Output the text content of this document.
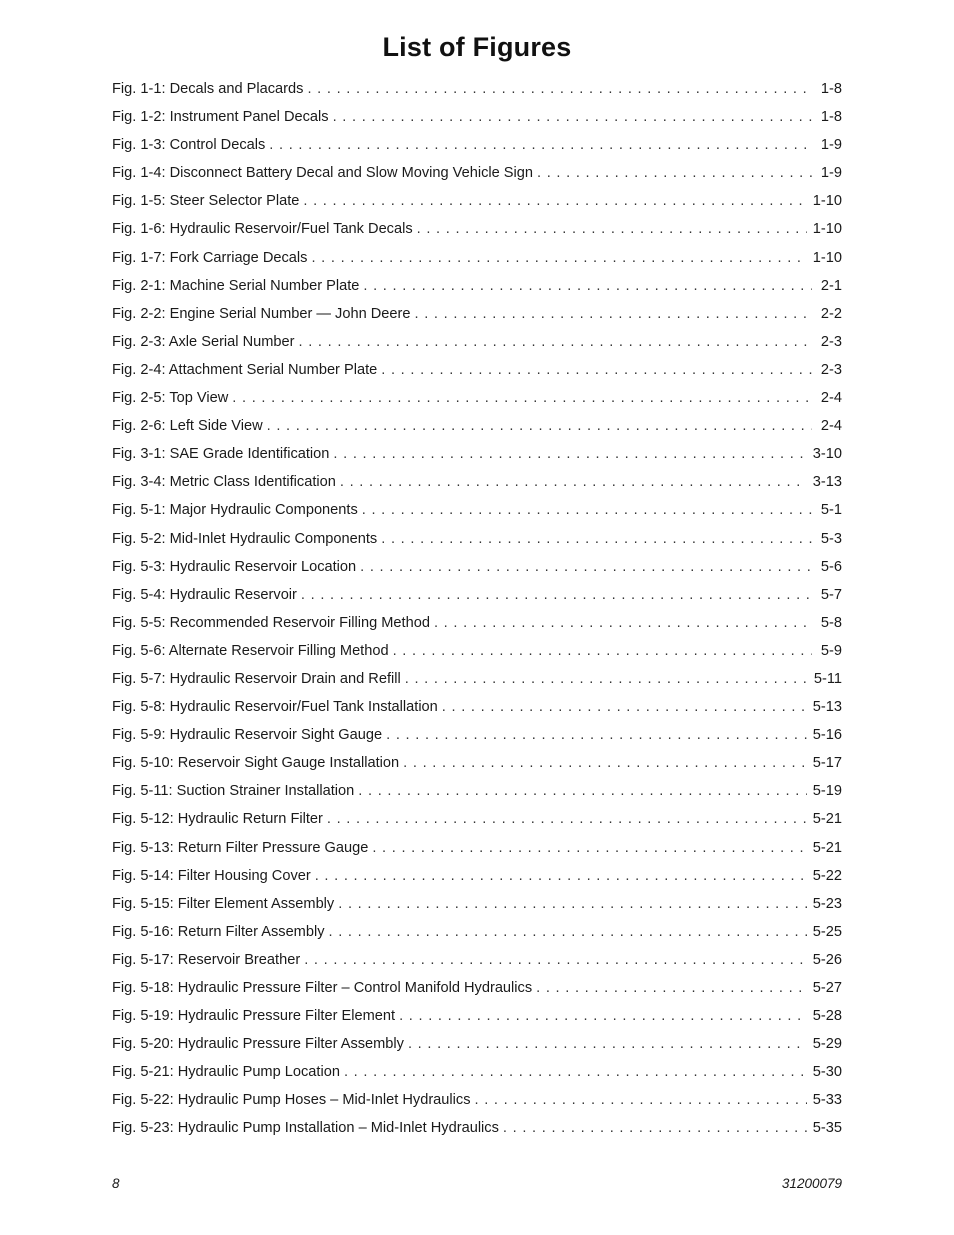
List of Figures
Fig. 1-1: Decals and Placards . . .	1-8
Fig. 1-2: Instrument Panel Decals . . .	1-8
Fig. 1-3: Control Decals . . .	1-9
Fig. 1-4: Disconnect Battery Decal and Slow Moving Vehicle Sign . . .	1-9
Fig. 1-5: Steer Selector Plate . . .	1-10
Fig. 1-6: Hydraulic Reservoir/Fuel Tank Decals . . .	1-10
Fig. 1-7: Fork Carriage Decals . . .	1-10
Fig. 2-1: Machine Serial Number Plate . . .	2-1
Fig. 2-2: Engine Serial Number — John Deere . . .	2-2
Fig. 2-3: Axle Serial Number . . .	2-3
Fig. 2-4: Attachment Serial Number Plate . . .	2-3
Fig. 2-5: Top View . . .	2-4
Fig. 2-6: Left Side View . . .	2-4
Fig. 3-1: SAE Grade Identification . . .	3-10
Fig. 3-4: Metric Class Identification . . .	3-13
Fig. 5-1: Major Hydraulic Components . . .	5-1
Fig. 5-2: Mid-Inlet Hydraulic Components . . .	5-3
Fig. 5-3: Hydraulic Reservoir Location . . .	5-6
Fig. 5-4: Hydraulic Reservoir . . .	5-7
Fig. 5-5: Recommended Reservoir Filling Method . . .	5-8
Fig. 5-6: Alternate Reservoir Filling Method . . .	5-9
Fig. 5-7: Hydraulic Reservoir Drain and Refill . . .	5-11
Fig. 5-8: Hydraulic Reservoir/Fuel Tank Installation . . .	5-13
Fig. 5-9: Hydraulic Reservoir Sight Gauge . . .	5-16
Fig. 5-10: Reservoir Sight Gauge Installation . . .	5-17
Fig. 5-11: Suction Strainer Installation . . .	5-19
Fig. 5-12: Hydraulic Return Filter . . .	5-21
Fig. 5-13: Return Filter Pressure Gauge . . .	5-21
Fig. 5-14: Filter Housing Cover . . .	5-22
Fig. 5-15: Filter Element Assembly . . .	5-23
Fig. 5-16: Return Filter Assembly . . .	5-25
Fig. 5-17: Reservoir Breather . . .	5-26
Fig. 5-18: Hydraulic Pressure Filter – Control Manifold Hydraulics . . .	5-27
Fig. 5-19: Hydraulic Pressure Filter Element . . .	5-28
Fig. 5-20: Hydraulic Pressure Filter Assembly . . .	5-29
Fig. 5-21: Hydraulic Pump Location . . .	5-30
Fig. 5-22: Hydraulic Pump Hoses – Mid-Inlet Hydraulics . . .	5-33
Fig. 5-23: Hydraulic Pump Installation – Mid-Inlet Hydraulics . . .	5-35
8	31200079
